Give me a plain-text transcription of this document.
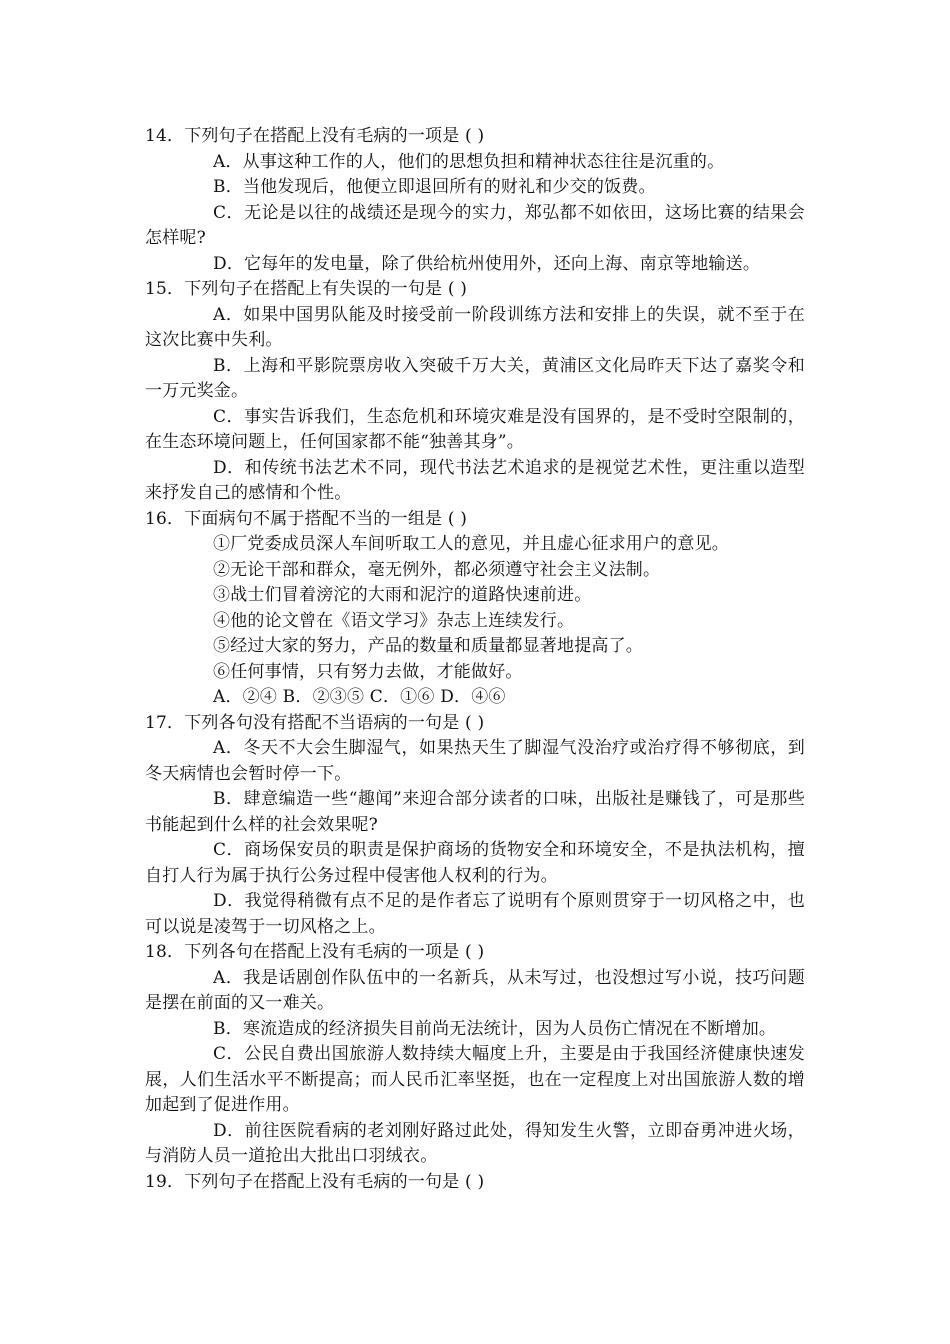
14．下列句子在搭配上没有毛病的一项是 ( )
A．从事这种工作的人，他们的思想负担和精神状态往往是沉重的。
B．当他发现后，他便立即退回所有的财礼和少交的饭费。
C．无论是以往的战绩还是现今的实力，郑弘都不如依田，这场比赛的结果会怎样呢?
D．它每年的发电量，除了供给杭州使用外，还向上海、南京等地输送。
15．下列句子在搭配上有失误的一句是 ( )
A．如果中国男队能及时接受前一阶段训练方法和安排上的失误，就不至于在这次比赛中失利。
B．上海和平影院票房收入突破千万大关，黄浦区文化局昨天下达了嘉奖令和一万元奖金。
C．事实告诉我们，生态危机和环境灾难是没有国界的，是不受时空限制的，在生态环境问题上，任何国家都不能“独善其身”。
D．和传统书法艺术不同，现代书法艺术追求的是视觉艺术性，更注重以造型来抒发自己的感情和个性。
16．下面病句不属于搭配不当的一组是 ( )
①厂党委成员深人车间听取工人的意见，并且虚心征求用户的意见。
②无论干部和群众，毫无例外，都必须遵守社会主义法制。
③战士们冒着滂沱的大雨和泥泞的道路快速前进。
④他的论文曾在《语文学习》杂志上连续发行。
⑤经过大家的努力，产品的数量和质量都显著地提高了。
⑥任何事情，只有努力去做，才能做好。
A．②④ B．②③⑤ C．①⑥ D．④⑥
17．下列各句没有搭配不当语病的一句是 ( )
A．冬天不大会生脚湿气，如果热天生了脚湿气没治疗或治疗得不够彻底，到冬天病情也会暂时停一下。
B．肆意编造一些“趣闻”来迎合部分读者的口味，出版社是赚钱了，可是那些书能起到什么样的社会效果呢?
C．商场保安员的职责是保护商场的货物安全和环境安全，不是执法机构，擅自打人行为属于执行公务过程中侵害他人权利的行为。
D．我觉得稍微有点不足的是作者忘了说明有个原则贯穿于一切风格之中，也可以说是凌驾于一切风格之上。
18．下列各句在搭配上没有毛病的一项是 ( )
A．我是话剧创作队伍中的一名新兵，从未写过，也没想过写小说，技巧问题是摆在前面的又一难关。
B．寒流造成的经济损失目前尚无法统计，因为人员伤亡情况在不断增加。
C．公民自费出国旅游人数持续大幅度上升，主要是由于我国经济健康快速发展，人们生活水平不断提高；而人民币汇率坚挺，也在一定程度上对出国旅游人数的增加起到了促进作用。
D．前往医院看病的老刘刚好路过此处，得知发生火警，立即奋勇冲进火场，与消防人员一道抢出大批出口羽绒衣。
19．下列句子在搭配上没有毛病的一句是 ( )
